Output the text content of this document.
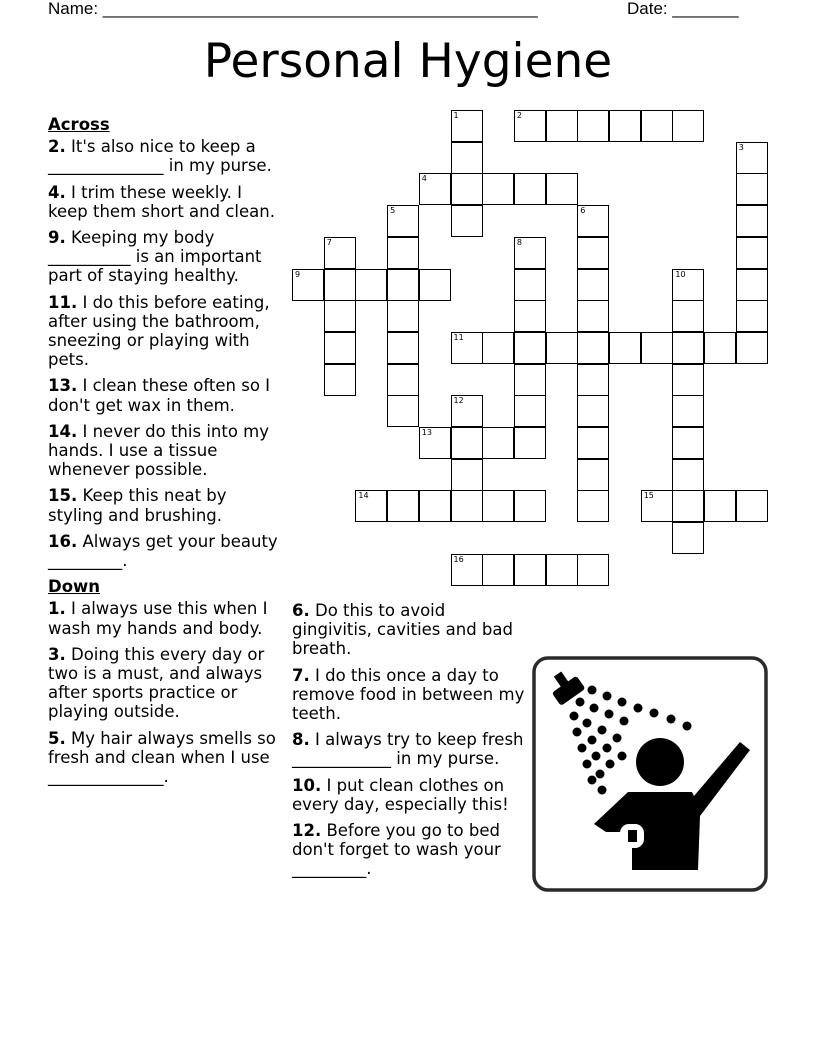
Name: ______________________________________________	Date: _______
Personal Hygiene
Across
2. It's also nice to keep a ______________ in my purse.
4. I trim these weekly. I keep them short and clean.
9. Keeping my body __________ is an important part of staying healthy.
11. I do this before eating, after using the bathroom, sneezing or playing with pets.
13. I clean these often so I don't get wax in them.
14. I never do this into my hands. I use a tissue whenever possible.
15. Keep this neat by styling and brushing.
16. Always get your beauty _________.
Down
1. I always use this when I wash my hands and body.
3. Doing this every day or two is a must, and always after sports practice or playing outside.
5. My hair always smells so fresh and clean when I use ______________.
6. Do this to avoid gingivitis, cavities and bad breath.
7. I do this once a day to remove food in between my teeth.
8. I always try to keep fresh ____________ in my purse.
10. I put clean clothes on every day, especially this!
12. Before you go to bed don't forget to wash your _________.
1	2
3
4
5	6
7	8
9	10
11
12
13
14	15
16
